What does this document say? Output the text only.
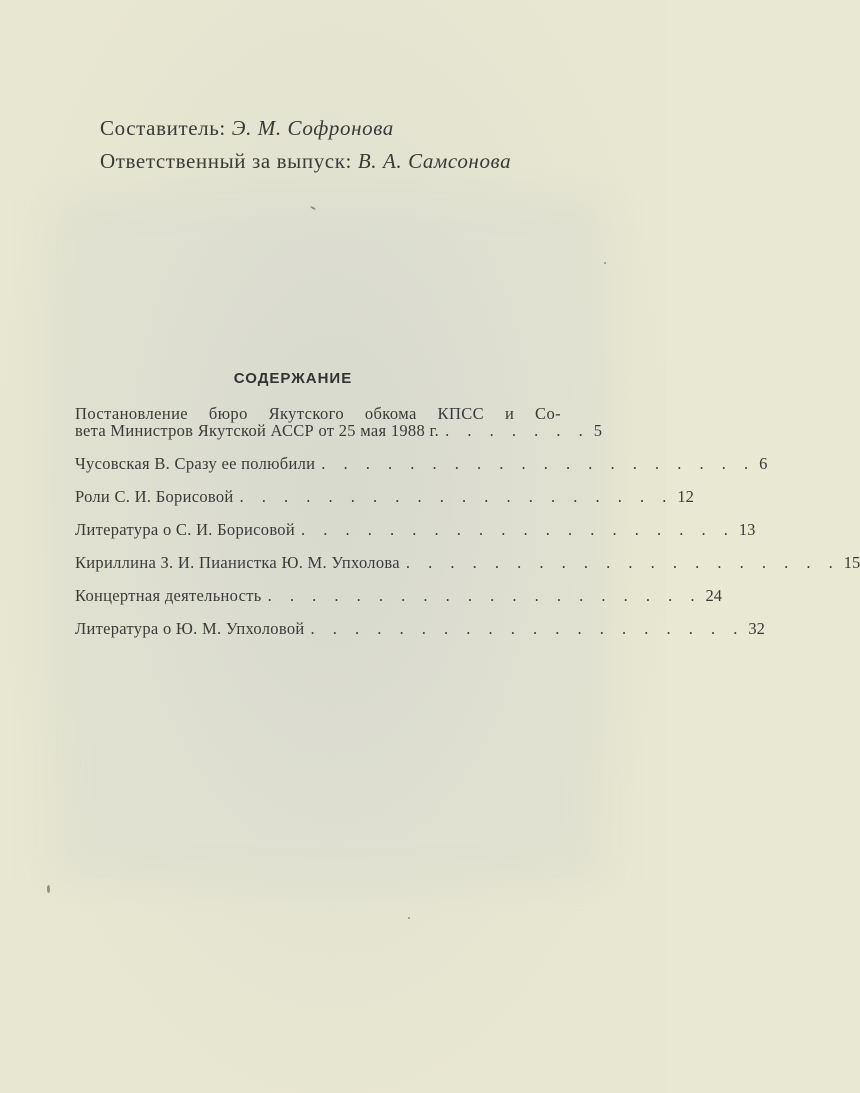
Составитель: Э. М. Софронова
Ответственный за выпуск: В. А. Самсонова
СОДЕРЖАНИЕ
Постановление бюро Якутского обкома КПСС и Со-
вета Министров Якутской АССР от 25 мая 1988 г. . . . . . . . 5
Чусовская В. Сразу ее полюбили . . . . . . . . . . . . . . . . . . . . 6
Роли С. И. Борисовой . . . . . . . . . . . . . . . . . . . . 12
Литература о С. И. Борисовой . . . . . . . . . . . . . . . . . . . . 13
Кириллина З. И. Пианистка Ю. М. Упхолова . . . . . . . . . . . . . . . . . . . . 15
Концертная деятельность . . . . . . . . . . . . . . . . . . . . 24
Литература о Ю. М. Упхоловой . . . . . . . . . . . . . . . . . . . . 32
